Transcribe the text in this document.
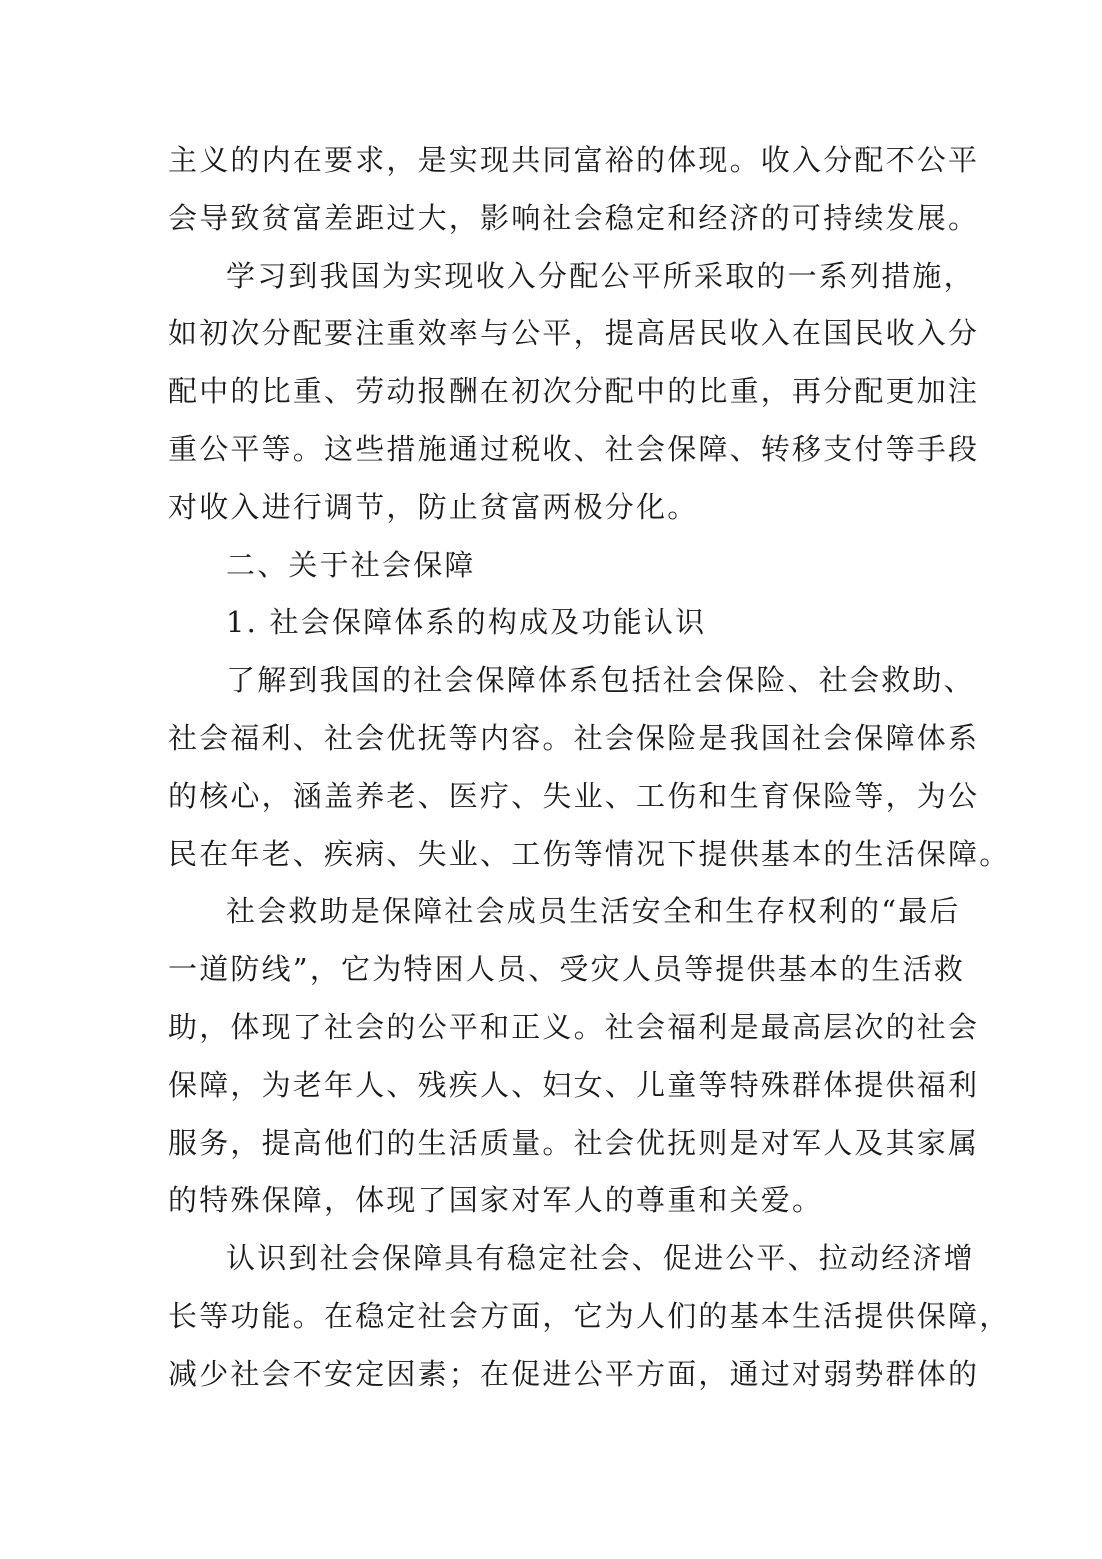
主义的内在要求，是实现共同富裕的体现。收入分配不公平
会导致贫富差距过大，影响社会稳定和经济的可持续发展。
学习到我国为实现收入分配公平所采取的一系列措施，
如初次分配要注重效率与公平，提高居民收入在国民收入分
配中的比重、劳动报酬在初次分配中的比重，再分配更加注
重公平等。这些措施通过税收、社会保障、转移支付等手段
对收入进行调节，防止贫富两极分化。
二、关于社会保障
1. 社会保障体系的构成及功能认识
了解到我国的社会保障体系包括社会保险、社会救助、
社会福利、社会优抚等内容。社会保险是我国社会保障体系
的核心，涵盖养老、医疗、失业、工伤和生育保险等，为公
民在年老、疾病、失业、工伤等情况下提供基本的生活保障。
社会救助是保障社会成员生活安全和生存权利的“最后
一道防线”，它为特困人员、受灾人员等提供基本的生活救
助，体现了社会的公平和正义。社会福利是最高层次的社会
保障，为老年人、残疾人、妇女、儿童等特殊群体提供福利
服务，提高他们的生活质量。社会优抚则是对军人及其家属
的特殊保障，体现了国家对军人的尊重和关爱。
认识到社会保障具有稳定社会、促进公平、拉动经济增
长等功能。在稳定社会方面，它为人们的基本生活提供保障，
减少社会不安定因素；在促进公平方面，通过对弱势群体的
